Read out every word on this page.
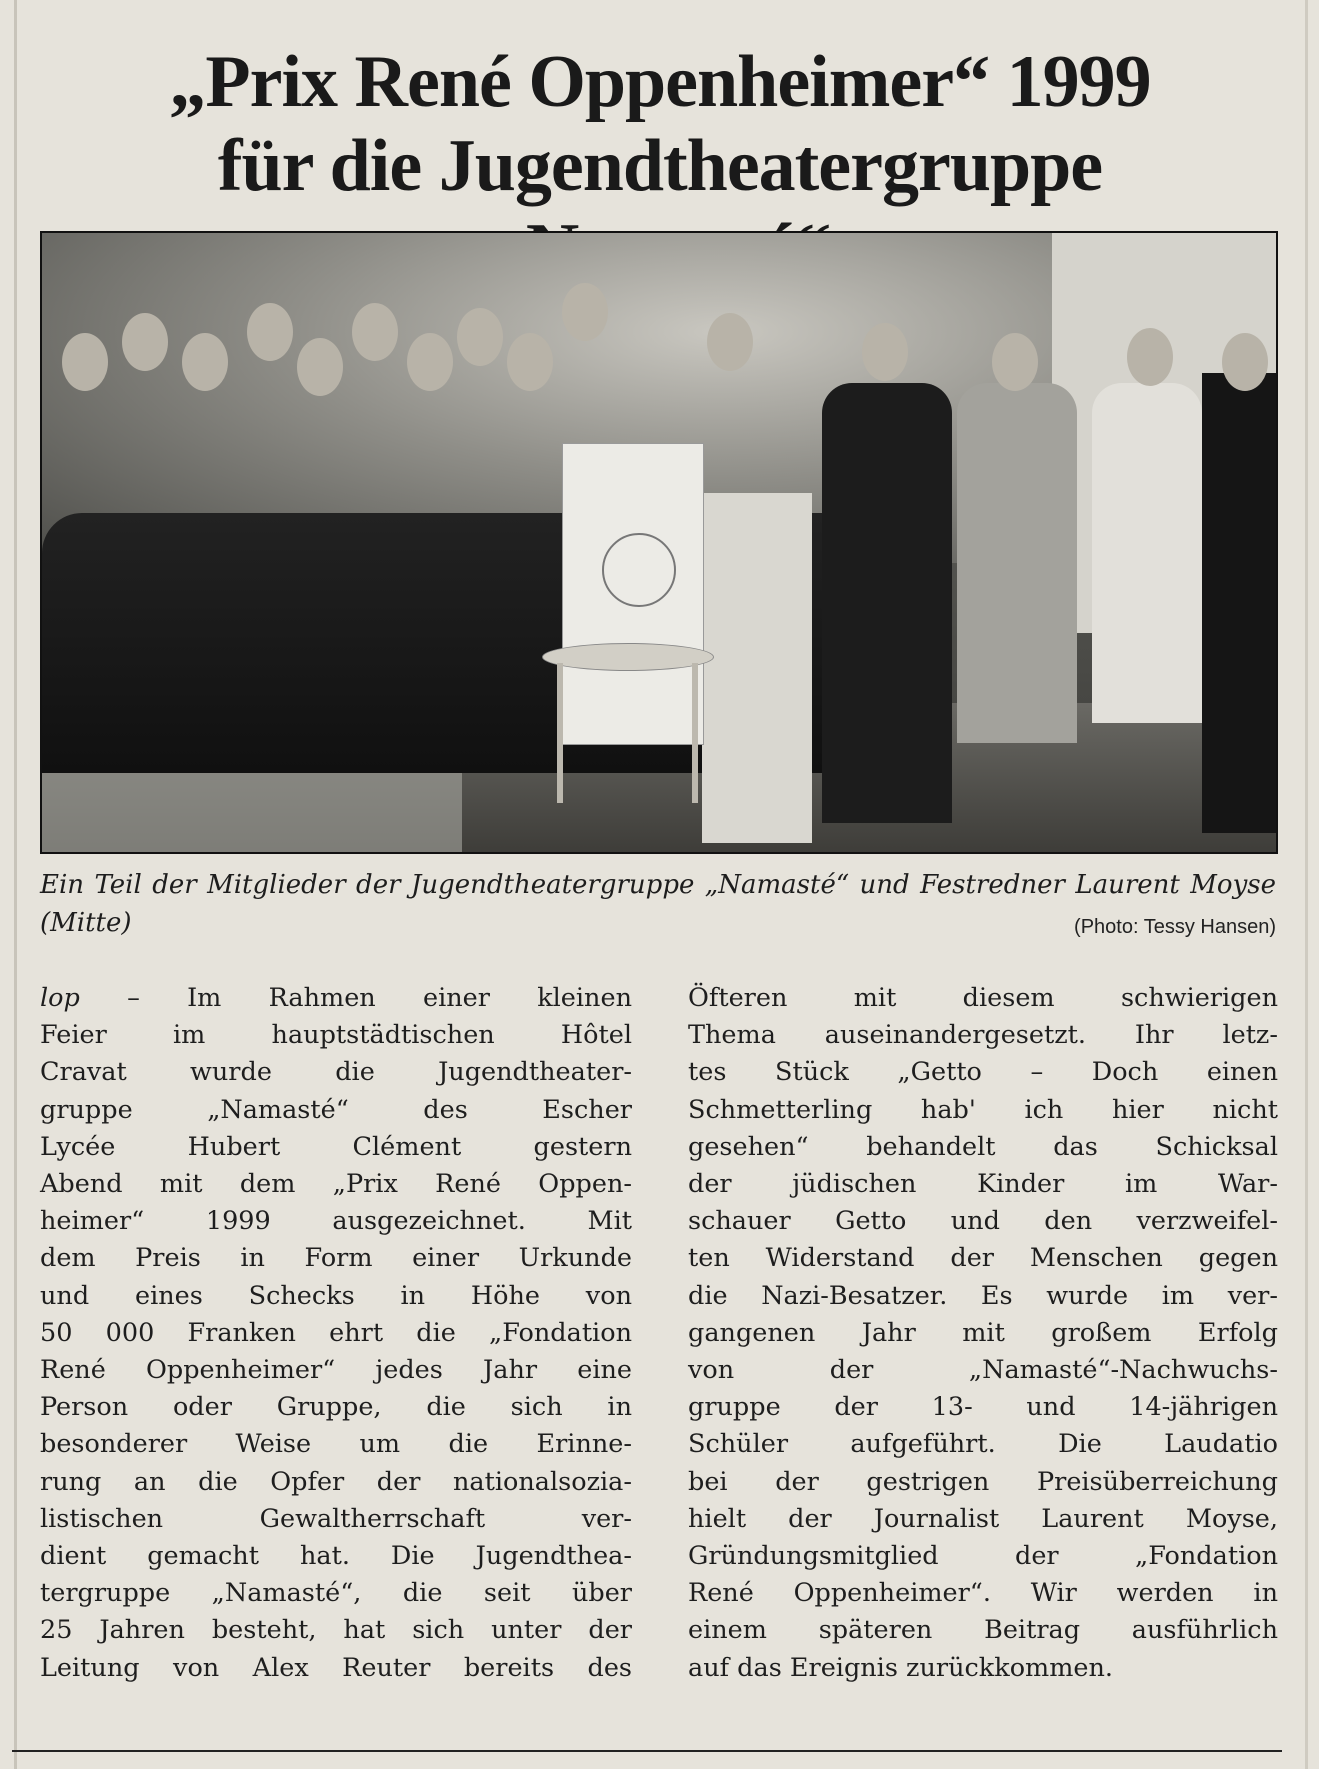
„Prix René Oppenheimer“ 1999
für die Jugendtheatergruppe

Ein Teil der Mitglieder der Jugendtheatergruppe „Namasté“ und Festredner Laurent Moyse (Mitte)	(Photo: Tessy Hansen)
lop – Im Rahmen einer kleinen
Feier im hauptstädtischen Hôtel
Cravat wurde die Jugendtheater-
gruppe „Namasté“ des Escher
Lycée Hubert Clément gestern
Abend mit dem „Prix René Oppen-
heimer“ 1999 ausgezeichnet. Mit
dem Preis in Form einer Urkunde
und eines Schecks in Höhe von
50 000 Franken ehrt die „Fondation
René Oppenheimer“ jedes Jahr eine
Person oder Gruppe, die sich in
besonderer Weise um die Erinne-
rung an die Opfer der nationalsozia-
listischen Gewaltherrschaft ver-
dient gemacht hat. Die Jugendthea-
tergruppe „Namasté“, die seit über
25 Jahren besteht, hat sich unter der
Leitung von Alex Reuter bereits des
Öfteren mit diesem schwierigen
Thema auseinandergesetzt. Ihr letz-
tes Stück „Getto – Doch einen
Schmetterling hab' ich hier nicht
gesehen“ behandelt das Schicksal
der jüdischen Kinder im War-
schauer Getto und den verzweifel-
ten Widerstand der Menschen gegen
die Nazi-Besatzer. Es wurde im ver-
gangenen Jahr mit großem Erfolg
von der „Namasté“-Nachwuchs-
gruppe der 13- und 14-jährigen
Schüler aufgeführt. Die Laudatio
bei der gestrigen Preisüberreichung
hielt der Journalist Laurent Moyse,
Gründungsmitglied der „Fondation
René Oppenheimer“. Wir werden in
einem späteren Beitrag ausführlich
auf das Ereignis zurückkommen.
